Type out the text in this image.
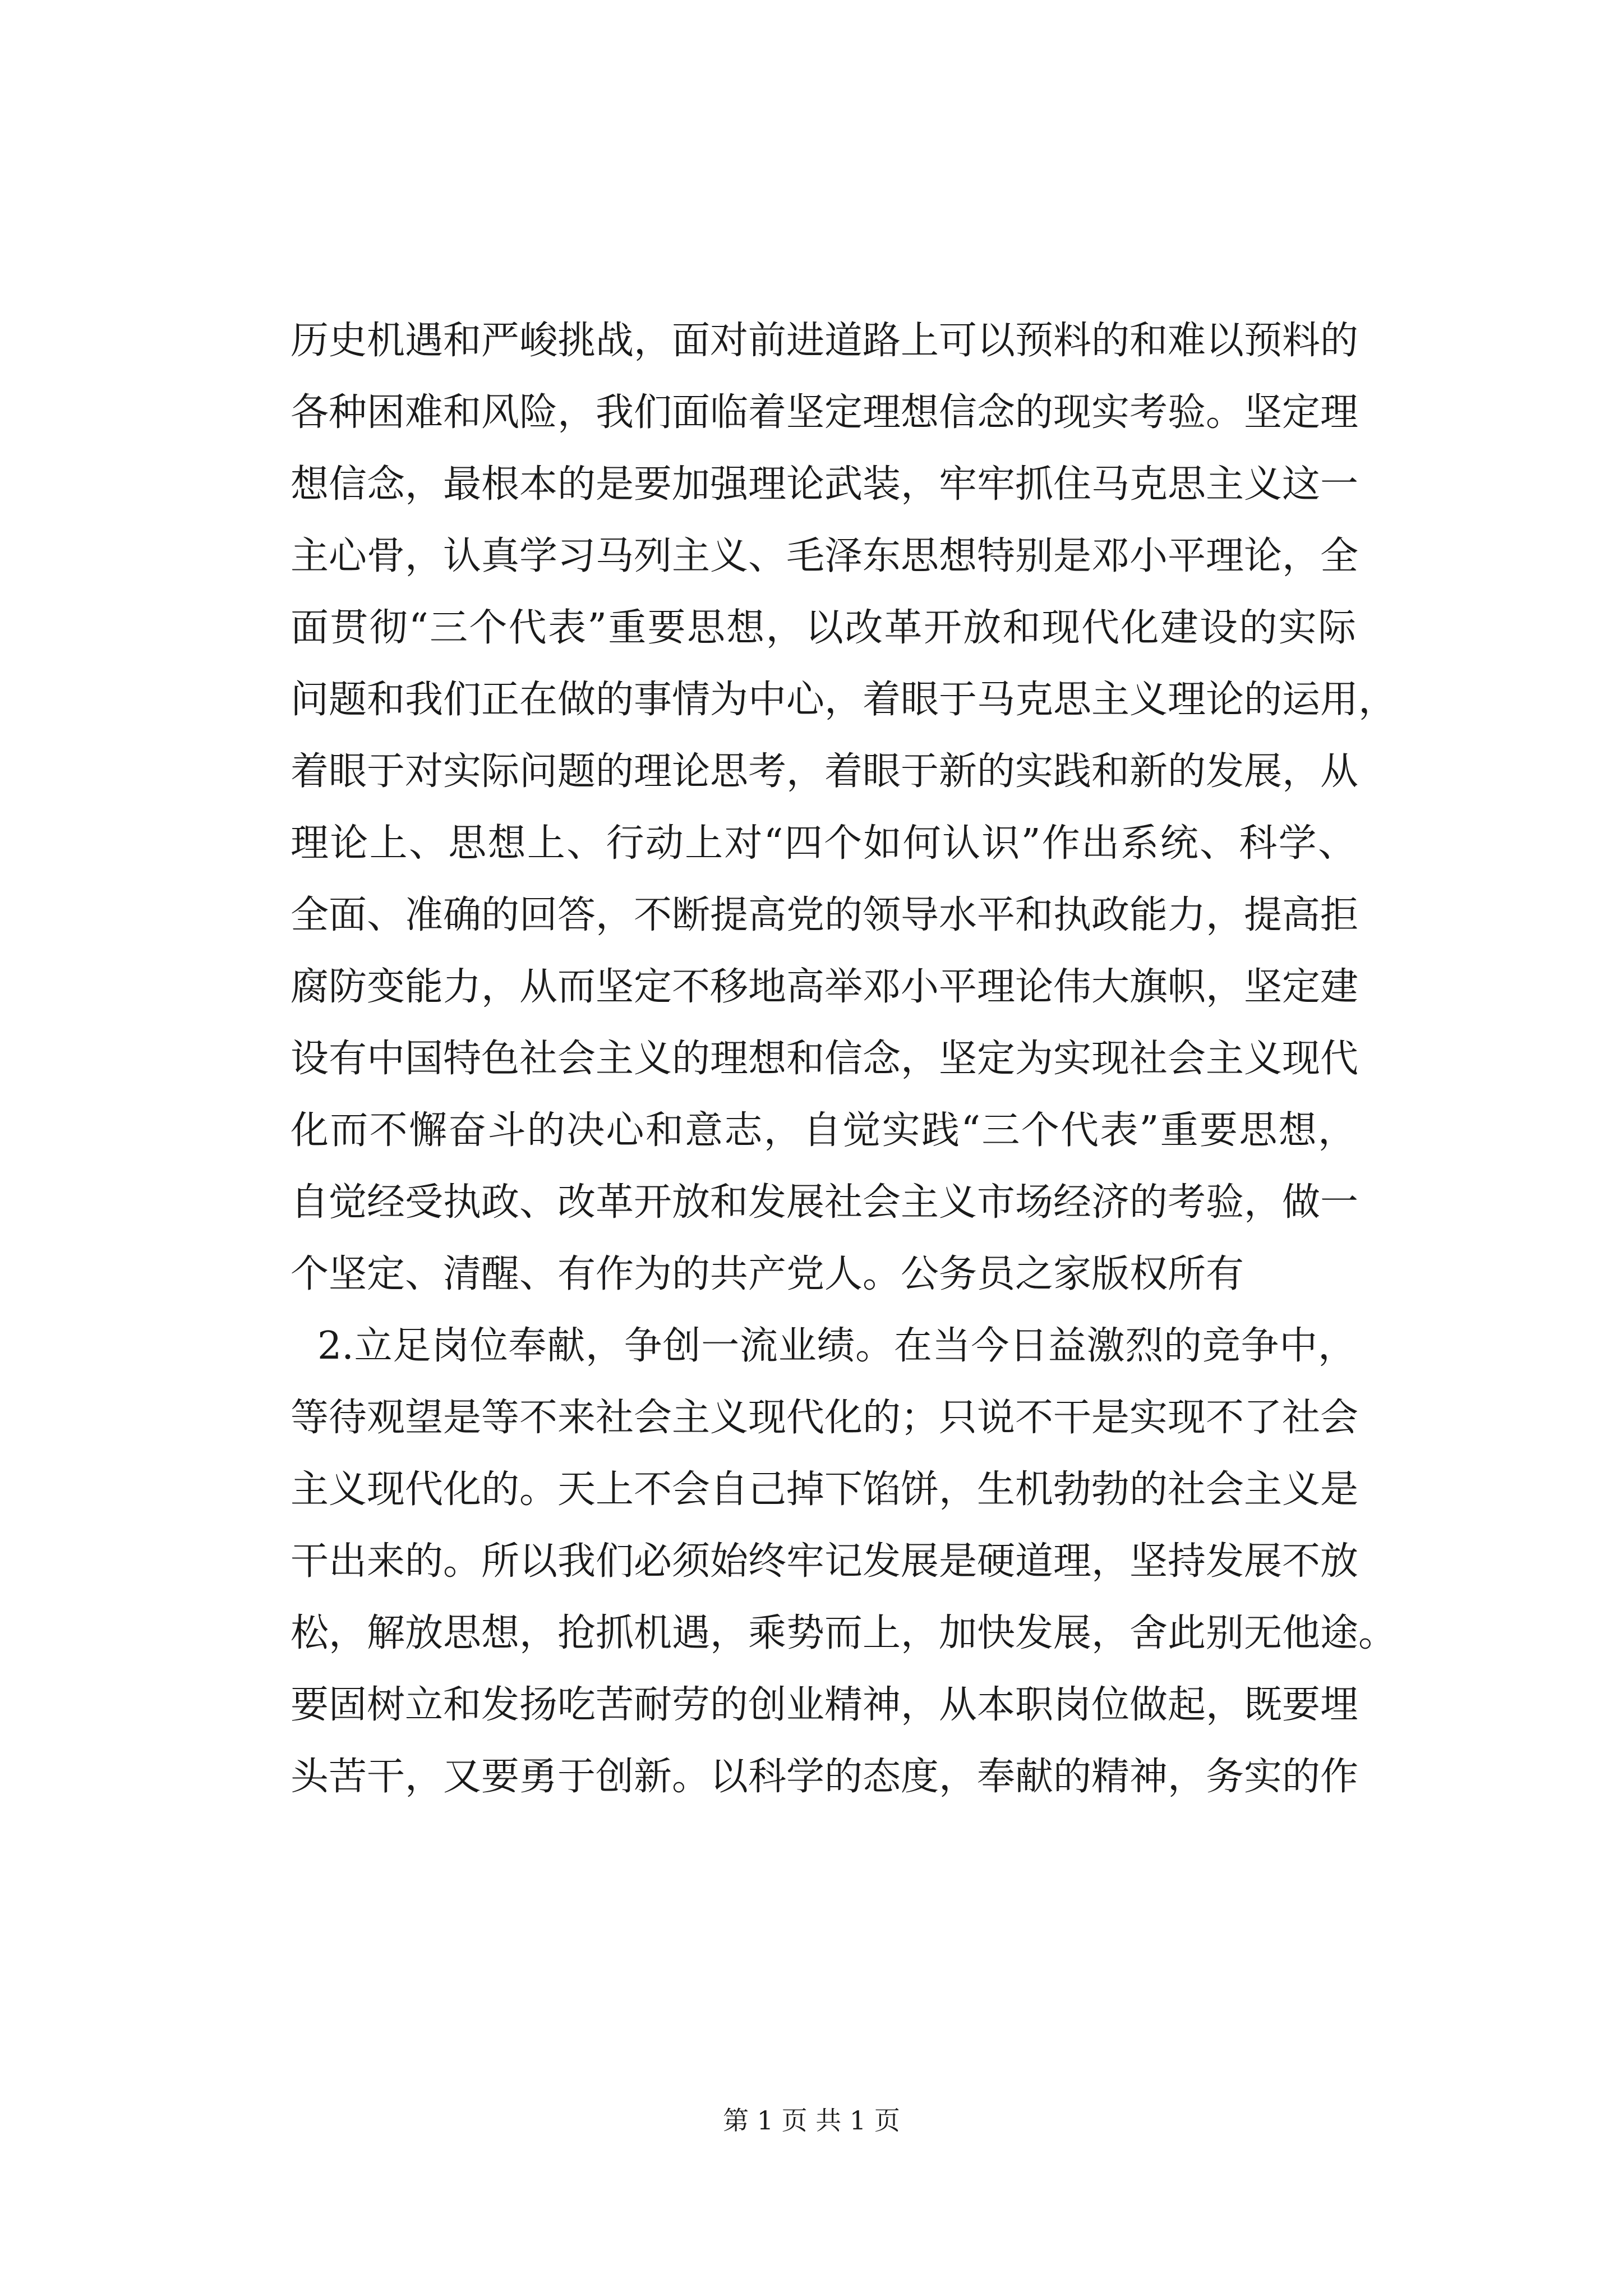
历史机遇和严峻挑战，面对前进道路上可以预料的和难以预料的
各种困难和风险，我们面临着坚定理想信念的现实考验。坚定理
想信念，最根本的是要加强理论武装，牢牢抓住马克思主义这一
主心骨，认真学习马列主义、毛泽东思想特别是邓小平理论，全
面贯彻“三个代表”重要思想，以改革开放和现代化建设的实际
问题和我们正在做的事情为中心，着眼于马克思主义理论的运用，
着眼于对实际问题的理论思考，着眼于新的实践和新的发展，从
理论上、思想上、行动上对“四个如何认识”作出系统、科学、
全面、准确的回答，不断提高党的领导水平和执政能力，提高拒
腐防变能力，从而坚定不移地高举邓小平理论伟大旗帜，坚定建
设有中国特色社会主义的理想和信念，坚定为实现社会主义现代
化而不懈奋斗的决心和意志，自觉实践“三个代表”重要思想，
自觉经受执政、改革开放和发展社会主义市场经济的考验，做一
个坚定、清醒、有作为的共产党人。公务员之家版权所有
2.立足岗位奉献，争创一流业绩。在当今日益激烈的竞争中，
等待观望是等不来社会主义现代化的；只说不干是实现不了社会
主义现代化的。天上不会自己掉下馅饼，生机勃勃的社会主义是
干出来的。所以我们必须始终牢记发展是硬道理，坚持发展不放
松，解放思想，抢抓机遇，乘势而上，加快发展，舍此别无他途。
要固树立和发扬吃苦耐劳的创业精神，从本职岗位做起，既要埋
头苦干，又要勇于创新。以科学的态度，奉献的精神，务实的作
第 1 页 共 1 页
